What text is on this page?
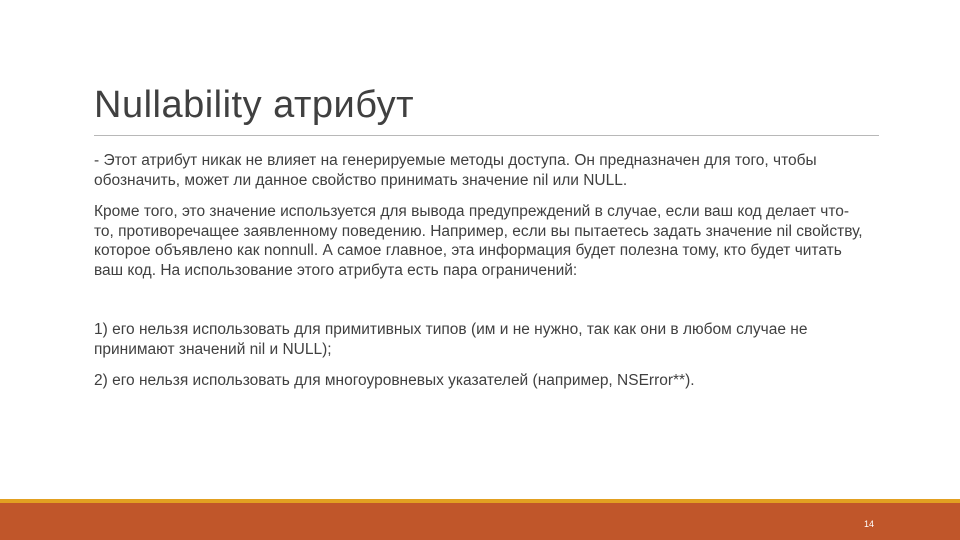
Nullability атрибут

- Этот атрибут никак не влияет на генерируемые методы доступа. Он предназначен для того, чтобы обозначить, может ли данное свойство принимать значение nil или NULL.

Кроме того, это значение используется для вывода предупреждений в случае, если ваш код делает что-то, противоречащее заявленному поведению. Например, если вы пытаетесь задать значение nil свойству, которое объявлено как nonnull. А самое главное, эта информация будет полезна тому, кто будет читать ваш код. На использование этого атрибута есть пара ограничений:

1) его нельзя использовать для примитивных типов (им и не нужно, так как они в любом случае не принимают значений nil и NULL);

2) его нельзя использовать для многоуровневых указателей (например, NSError**).

14
